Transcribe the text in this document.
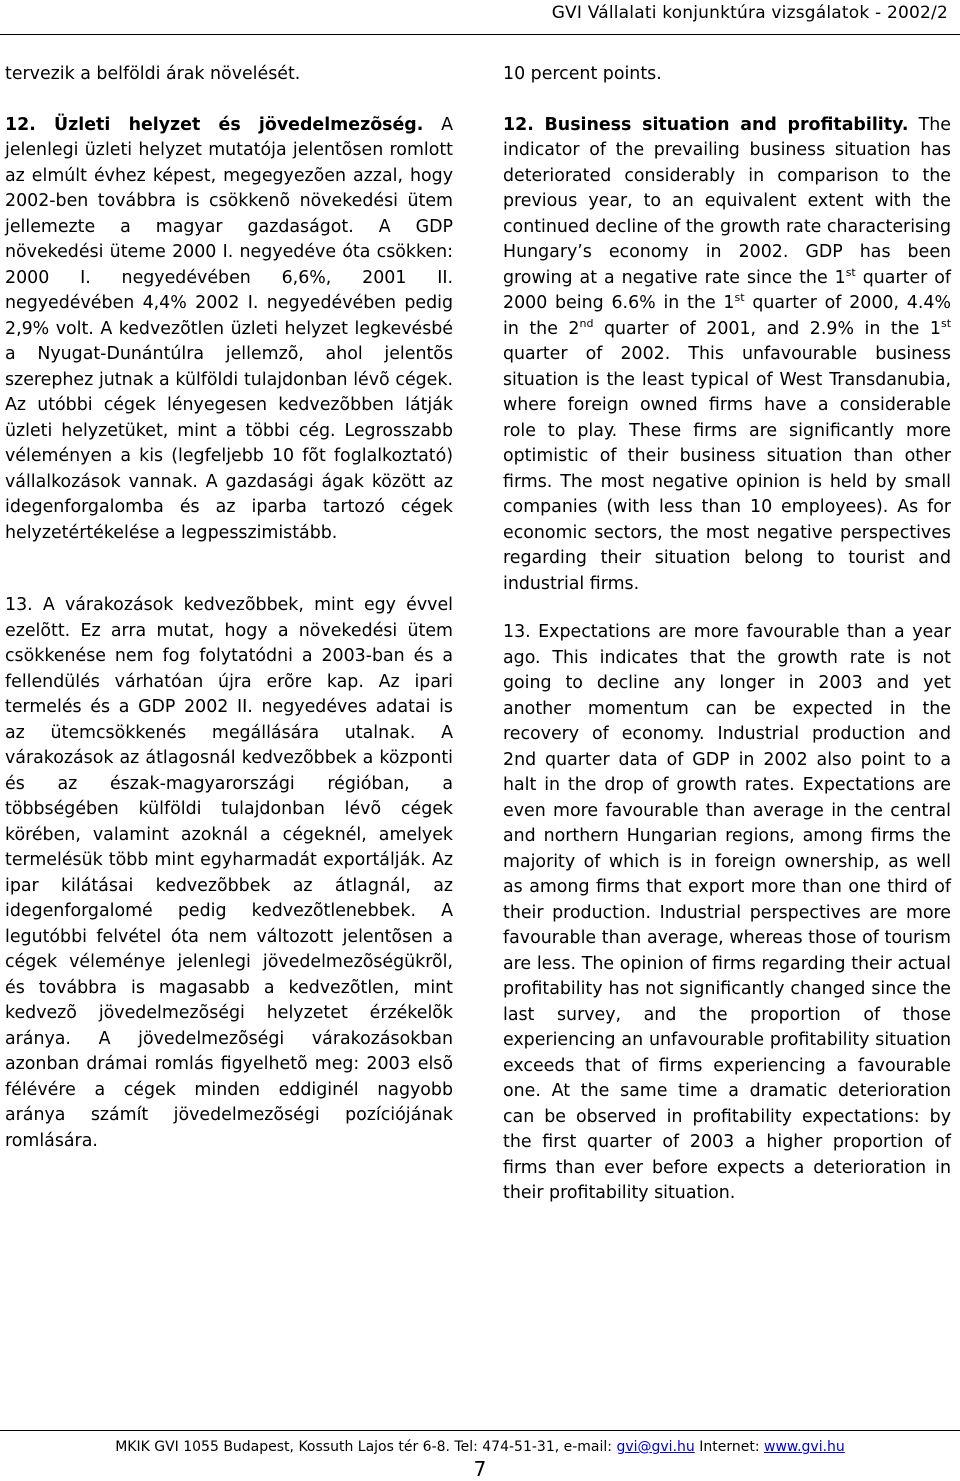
GVI Vállalati konjunktúra vizsgálatok - 2002/2

tervezik a belföldi árak növelését.

12. Üzleti helyzet és jövedelmezõség. A jelenlegi üzleti helyzet mutatója jelentõsen romlott az elmúlt évhez képest, megegyezõen azzal, hogy 2002-ben továbbra is csökkenõ növekedési ütem jellemezte a magyar gazdaságot. A GDP növekedési üteme 2000 I. negyedéve óta csökken: 2000 I. negyedévében 6,6%, 2001 II. negyedévében 4,4% 2002 I. negyedévében pedig 2,9% volt. A kedvezõtlen üzleti helyzet legkevésbé a Nyugat-Dunántúlra jellemzõ, ahol jelentõs szerephez jutnak a külföldi tulajdonban lévõ cégek. Az utóbbi cégek lényegesen kedvezõbben látják üzleti helyzetüket, mint a többi cég. Legrosszabb véleményen a kis (legfeljebb 10 fõt foglalkoztató) vállalkozások vannak. A gazdasági ágak között az idegenforgalomba és az iparba tartozó cégek helyzetértékelése a legpesszimistább.

13. A várakozások kedvezõbbek, mint egy évvel ezelõtt. Ez arra mutat, hogy a növekedési ütem csökkenése nem fog folytatódni a 2003-ban és a fellendülés várhatóan újra erõre kap. Az ipari termelés és a GDP 2002 II. negyedéves adatai is az ütemcsökkenés megállására utalnak. A várakozások az átlagosnál kedvezõbbek a központi és az észak-magyarországi régióban, a többségében külföldi tulajdonban lévõ cégek körében, valamint azoknál a cégeknél, amelyek termelésük több mint egyharmadát exportálják. Az ipar kilátásai kedvezõbbek az átlagnál, az idegenforgalomé pedig kedvezõtlenebbek. A legutóbbi felvétel óta nem változott jelentõsen a cégek véleménye jelenlegi jövedelmezõségükrõl, és továbbra is magasabb a kedvezõtlen, mint kedvezõ jövedelmezõségi helyzetet érzékelõk aránya. A jövedelmezõségi várakozásokban azonban drámai romlás figyelhetõ meg: 2003 elsõ félévére a cégek minden eddiginél nagyobb aránya számít jövedelmezõségi pozíciójának romlására.

10 percent points.

12. Business situation and profitability. The indicator of the prevailing business situation has deteriorated considerably in comparison to the previous year, to an equivalent extent with the continued decline of the growth rate characterising Hungary’s economy in 2002. GDP has been growing at a negative rate since the 1st quarter of 2000 being 6.6% in the 1st quarter of 2000, 4.4% in the 2nd quarter of 2001, and 2.9% in the 1st quarter of 2002. This unfavourable business situation is the least typical of West Transdanubia, where foreign owned firms have a considerable role to play. These firms are significantly more optimistic of their business situation than other firms. The most negative opinion is held by small companies (with less than 10 employees). As for economic sectors, the most negative perspectives regarding their situation belong to tourist and industrial firms.

13. Expectations are more favourable than a year ago. This indicates that the growth rate is not going to decline any longer in 2003 and yet another momentum can be expected in the recovery of economy. Industrial production and 2nd quarter data of GDP in 2002 also point to a halt in the drop of growth rates. Expectations are even more favourable than average in the central and northern Hungarian regions, among firms the majority of which is in foreign ownership, as well as among firms that export more than one third of their production. Industrial perspectives are more favourable than average, whereas those of tourism are less. The opinion of firms regarding their actual profitability has not significantly changed since the last survey, and the proportion of those experiencing an unfavourable profitability situation exceeds that of firms experiencing a favourable one. At the same time a dramatic deterioration can be observed in profitability expectations: by the first quarter of 2003 a higher proportion of firms than ever before expects a deterioration in their profitability situation.

MKIK GVI 1055 Budapest, Kossuth Lajos tér 6-8. Tel: 474-51-31, e-mail: gvi@gvi.hu Internet: www.gvi.hu
7
